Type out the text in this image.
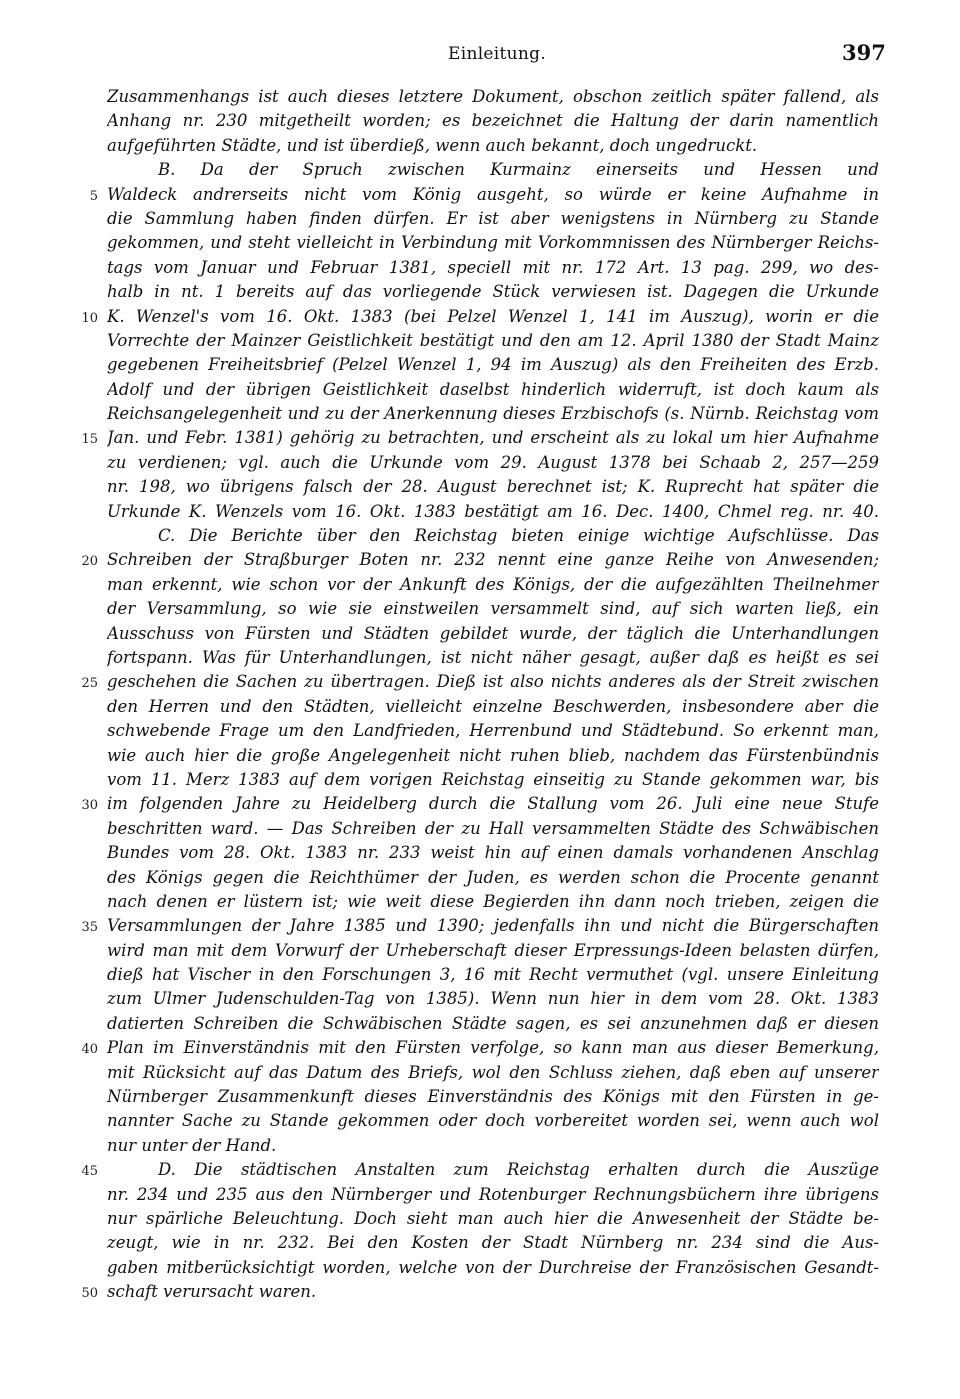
Einleitung.	397
Zusammenhangs ist auch dieses letztere Dokument, obschon zeitlich später fallend, als
Anhang nr. 230 mitgetheilt worden; es bezeichnet die Haltung der darin namentlich
aufgeführten Städte, und ist überdieß, wenn auch bekannt, doch ungedruckt.
B. Da der Spruch zwischen Kurmainz einerseits und Hessen und
Waldeck andrerseits nicht vom König ausgeht, so würde er keine Aufnahme in
5
die Sammlung haben finden dürfen. Er ist aber wenigstens in Nürnberg zu Stande
gekommen, und steht vielleicht in Verbindung mit Vorkommnissen des Nürnberger Reichs-
tags vom Januar und Februar 1381, speciell mit nr. 172 Art. 13 pag. 299, wo des-
halb in nt. 1 bereits auf das vorliegende Stück verwiesen ist. Dagegen die Urkunde
K. Wenzel's vom 16. Okt. 1383 (bei Pelzel Wenzel 1, 141 im Auszug), worin er die
10
Vorrechte der Mainzer Geistlichkeit bestätigt und den am 12. April 1380 der Stadt Mainz
gegebenen Freiheitsbrief (Pelzel Wenzel 1, 94 im Auszug) als den Freiheiten des Erzb.
Adolf und der übrigen Geistlichkeit daselbst hinderlich widerruft, ist doch kaum als
Reichsangelegenheit und zu der Anerkennung dieses Erzbischofs (s. Nürnb. Reichstag vom
Jan. und Febr. 1381) gehörig zu betrachten, und erscheint als zu lokal um hier Aufnahme
15
zu verdienen; vgl. auch die Urkunde vom 29. August 1378 bei Schaab 2, 257—259
nr. 198, wo übrigens falsch der 28. August berechnet ist; K. Ruprecht hat später die
Urkunde K. Wenzels vom 16. Okt. 1383 bestätigt am 16. Dec. 1400, Chmel reg. nr. 40.
C. Die Berichte über den Reichstag bieten einige wichtige Aufschlüsse. Das
Schreiben der Straßburger Boten nr. 232 nennt eine ganze Reihe von Anwesenden;
20
man erkennt, wie schon vor der Ankunft des Königs, der die aufgezählten Theilnehmer
der Versammlung, so wie sie einstweilen versammelt sind, auf sich warten ließ, ein
Ausschuss von Fürsten und Städten gebildet wurde, der täglich die Unterhandlungen
fortspann. Was für Unterhandlungen, ist nicht näher gesagt, außer daß es heißt es sei
geschehen die Sachen zu übertragen. Dieß ist also nichts anderes als der Streit zwischen
25
den Herren und den Städten, vielleicht einzelne Beschwerden, insbesondere aber die
schwebende Frage um den Landfrieden, Herrenbund und Städtebund. So erkennt man,
wie auch hier die große Angelegenheit nicht ruhen blieb, nachdem das Fürstenbündnis
vom 11. Merz 1383 auf dem vorigen Reichstag einseitig zu Stande gekommen war, bis
im folgenden Jahre zu Heidelberg durch die Stallung vom 26. Juli eine neue Stufe
30
beschritten ward. — Das Schreiben der zu Hall versammelten Städte des Schwäbischen
Bundes vom 28. Okt. 1383 nr. 233 weist hin auf einen damals vorhandenen Anschlag
des Königs gegen die Reichthümer der Juden, es werden schon die Procente genannt
nach denen er lüstern ist; wie weit diese Begierden ihn dann noch trieben, zeigen die
Versammlungen der Jahre 1385 und 1390; jedenfalls ihn und nicht die Bürgerschaften
35
wird man mit dem Vorwurf der Urheberschaft dieser Erpressungs-Ideen belasten dürfen,
dieß hat Vischer in den Forschungen 3, 16 mit Recht vermuthet (vgl. unsere Einleitung
zum Ulmer Judenschulden-Tag von 1385). Wenn nun hier in dem vom 28. Okt. 1383
datierten Schreiben die Schwäbischen Städte sagen, es sei anzunehmen daß er diesen
Plan im Einverständnis mit den Fürsten verfolge, so kann man aus dieser Bemerkung,
40
mit Rücksicht auf das Datum des Briefs, wol den Schluss ziehen, daß eben auf unserer
Nürnberger Zusammenkunft dieses Einverständnis des Königs mit den Fürsten in ge-
nannter Sache zu Stande gekommen oder doch vorbereitet worden sei, wenn auch wol
nur unter der Hand.
D. Die städtischen Anstalten zum Reichstag erhalten durch die Auszüge
45
nr. 234 und 235 aus den Nürnberger und Rotenburger Rechnungsbüchern ihre übrigens
nur spärliche Beleuchtung. Doch sieht man auch hier die Anwesenheit der Städte be-
zeugt, wie in nr. 232. Bei den Kosten der Stadt Nürnberg nr. 234 sind die Aus-
gaben mitberücksichtigt worden, welche von der Durchreise der Französischen Gesandt-
schaft verursacht waren.
50
